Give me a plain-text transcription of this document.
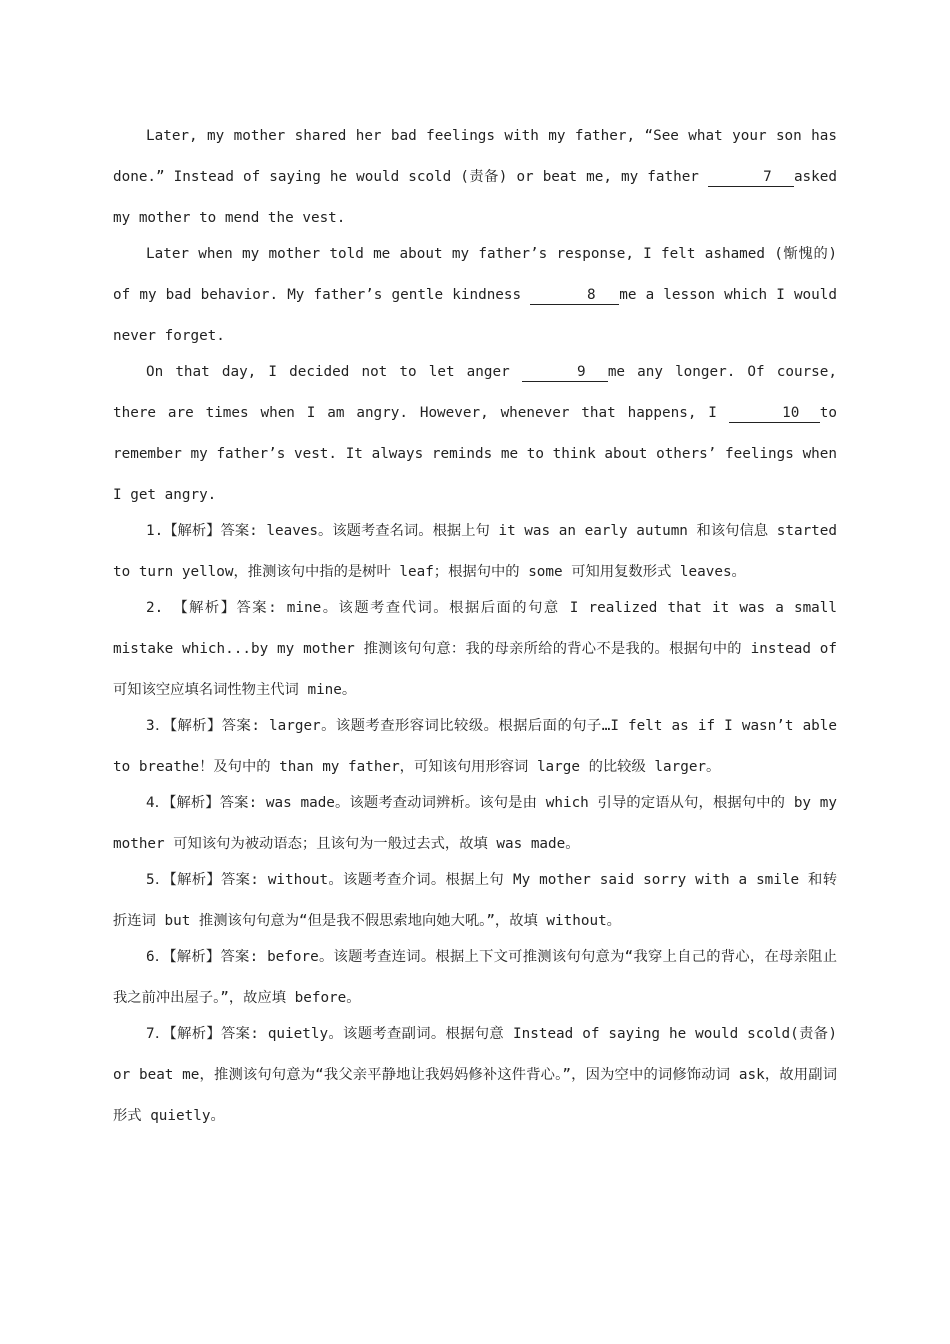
Later, my mother shared her bad feelings with my father, “See what your son has done.” Instead of saying he would scold (责备) or beat me, my father	7 asked my mother to mend the vest.

Later when my mother told me about my father’s response, I felt ashamed (惭愧的) of my bad behavior. My father’s gentle kindness	8 me a lesson which I would never forget.

On that day, I decided not to let anger	9 me any longer. Of course, there are times when I am angry. However, whenever that happens, I	10 to remember my father’s vest. It always reminds me to think about others’ feelings when I get angry.

1.【解析】答案: leaves。该题考查名词。根据上句 it was an early autumn 和该句信息 started to turn yellow，推测该句中指的是树叶 leaf；根据句中的 some 可知用复数形式 leaves。

2. 【解析】答案: mine。该题考查代词。根据后面的句意 I realized that it was a small mistake which...by my mother 推测该句句意：我的母亲所给的背心不是我的。根据句中的 instead of 可知该空应填名词性物主代词 mine。

3．【解析】答案: larger。该题考查形容词比较级。根据后面的句子…I felt as if I wasn’t able to breathe！及句中的 than my father，可知该句用形容词 large 的比较级 larger。

4．【解析】答案: was made。该题考查动词辨析。该句是由 which 引导的定语从句，根据句中的 by my mother 可知该句为被动语态；且该句为一般过去式，故填 was made。

5．【解析】答案: without。该题考查介词。根据上句 My mother said sorry with a smile 和转折连词 but 推测该句句意为“但是我不假思索地向她大吼。”，故填 without。

6．【解析】答案: before。该题考查连词。根据上下文可推测该句句意为“我穿上自己的背心，在母亲阻止我之前冲出屋子。”，故应填 before。

7．【解析】答案: quietly。该题考查副词。根据句意 Instead of saying he would scold(责备) or beat me，推测该句句意为“我父亲平静地让我妈妈修补这件背心。”，因为空中的词修饰动词 ask，故用副词形式 quietly。
